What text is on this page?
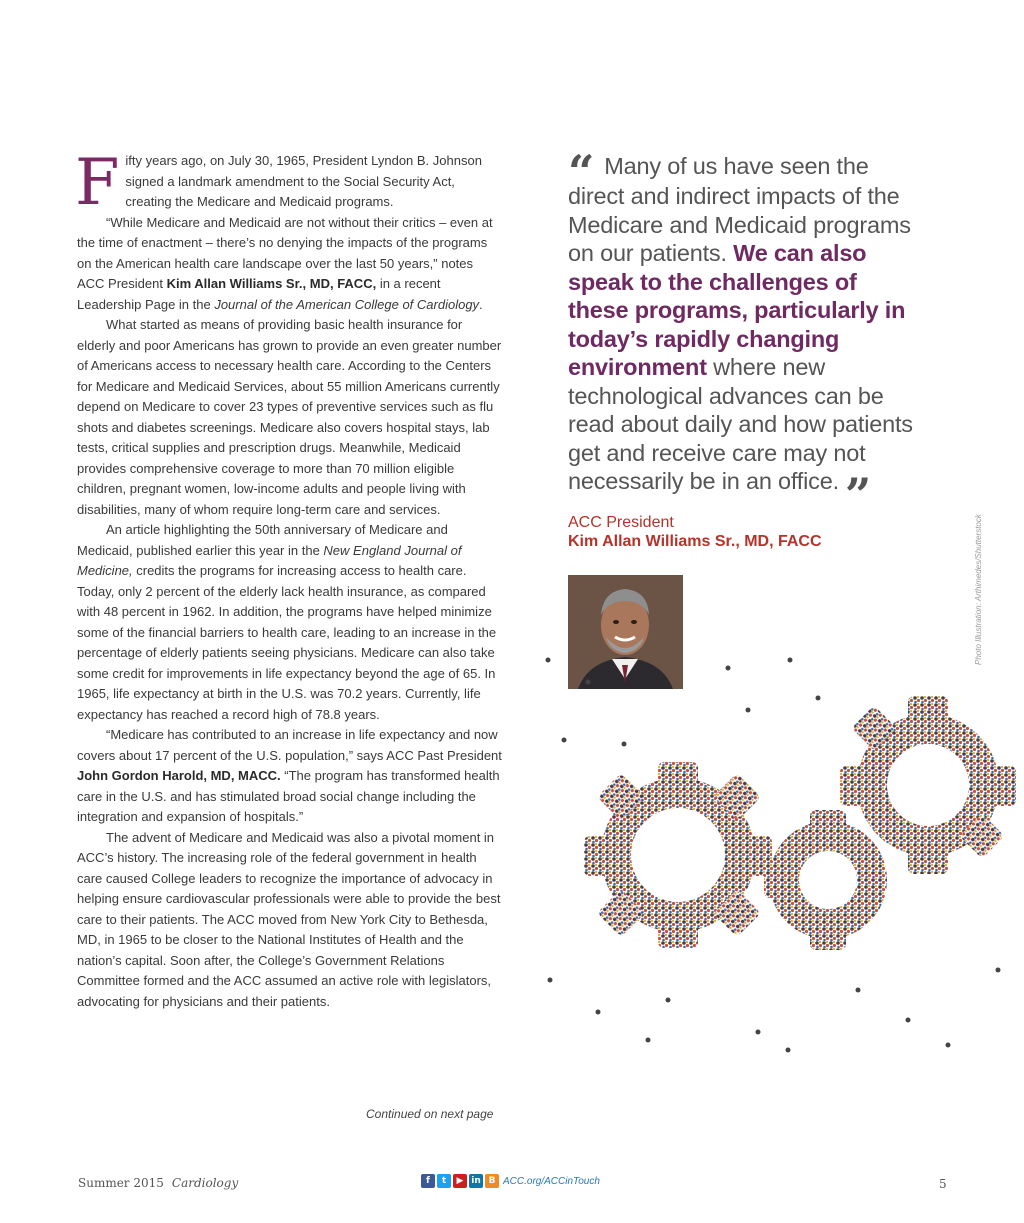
Fifty years ago, on July 30, 1965, President Lyndon B. Johnson signed a landmark amendment to the Social Security Act, creating the Medicare and Medicaid programs.

“While Medicare and Medicaid are not without their critics – even at the time of enactment – there’s no denying the impacts of the programs on the American health care landscape over the last 50 years,” notes ACC President Kim Allan Williams Sr., MD, FACC, in a recent Leadership Page in the Journal of the American College of Cardiology.

What started as means of providing basic health insurance for elderly and poor Americans has grown to provide an even greater number of Americans access to necessary health care. According to the Centers for Medicare and Medicaid Services, about 55 million Americans currently depend on Medicare to cover 23 types of preventive services such as flu shots and diabetes screenings. Medicare also covers hospital stays, lab tests, critical supplies and prescription drugs. Meanwhile, Medicaid provides comprehensive coverage to more than 70 million eligible children, pregnant women, low-income adults and people living with disabilities, many of whom require long-term care and services.

An article highlighting the 50th anniversary of Medicare and Medicaid, published earlier this year in the New England Journal of Medicine, credits the programs for increasing access to health care. Today, only 2 percent of the elderly lack health insurance, as compared with 48 percent in 1962. In addition, the programs have helped minimize some of the financial barriers to health care, leading to an increase in the percentage of elderly patients seeing physicians. Medicare can also take some credit for improvements in life expectancy beyond the age of 65. In 1965, life expectancy at birth in the U.S. was 70.2 years. Currently, life expectancy has reached a record high of 78.8 years.

“Medicare has contributed to an increase in life expectancy and now covers about 17 percent of the U.S. population,” says ACC Past President John Gordon Harold, MD, MACC. “The program has transformed health care in the U.S. and has stimulated broad social change including the integration and expansion of hospitals.”

The advent of Medicare and Medicaid was also a pivotal moment in ACC’s history. The increasing role of the federal government in health care caused College leaders to recognize the importance of advocacy in helping ensure cardiovascular professionals were able to provide the best care to their patients. The ACC moved from New York City to Bethesda, MD, in 1965 to be closer to the National Institutes of Health and the nation’s capital. Soon after, the College’s Government Relations Committee formed and the ACC assumed an active role with legislators, advocating for physicians and their patients.

Continued on next page
“ Many of us have seen the direct and indirect impacts of the Medicare and Medicaid programs on our patients. We can also speak to the challenges of these programs, particularly in today’s rapidly changing environment where new technological advances can be read about daily and how patients get and receive care may not necessarily be in an office. ”
ACC President
Kim Allan Williams Sr., MD, FACC	Photo Illustration: Arthimedes/Shutterstock
Summer 2015 Cardiology	f	t	▶ in B ACC.org/ACCinTouch	5
